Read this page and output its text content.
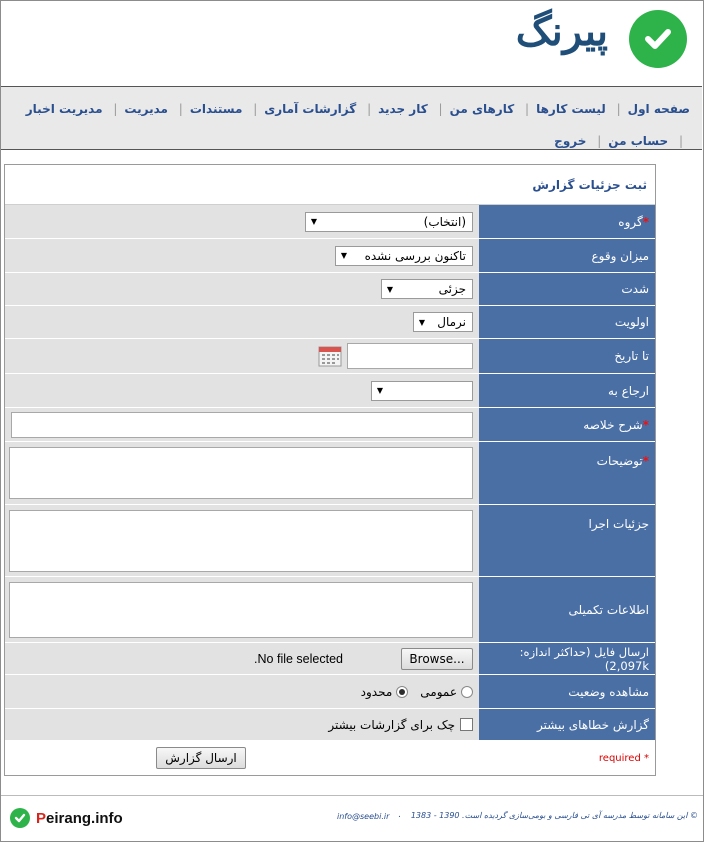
پیرنگ
صفحه اول| لیست کارها| کارهای من| کار جدید| گزارشات آماری| مستندات| مدیریت| مدیریت اخبار| حساب من| خروج
ثبت جزئیات گزارش
*
گروه
(انتخاب)
▼
میزان وقوع
تاکنون بررسی نشده
▼
شدت
جزئی
▼
اولویت
نرمال
▼
تا تاریخ
ارجاع به
▼
*
شرح خلاصه
*
توضیحات
جزئیات اجرا
اطلاعات تکمیلی
ارسال فایل (حداکثر اندازه: 2,097k)
...Browse
No file selected.
مشاهده وضعیت
عمومی
محدود
گزارش خطاهای بیشتر
چک برای گزارشات بیشتر
* required
ارسال گزارش
Peirang.info	info@seebi.ir . © این سامانه توسط مدرسه آی تی فارسی و بومی‌سازی گردیده است. 1390 - 1383
